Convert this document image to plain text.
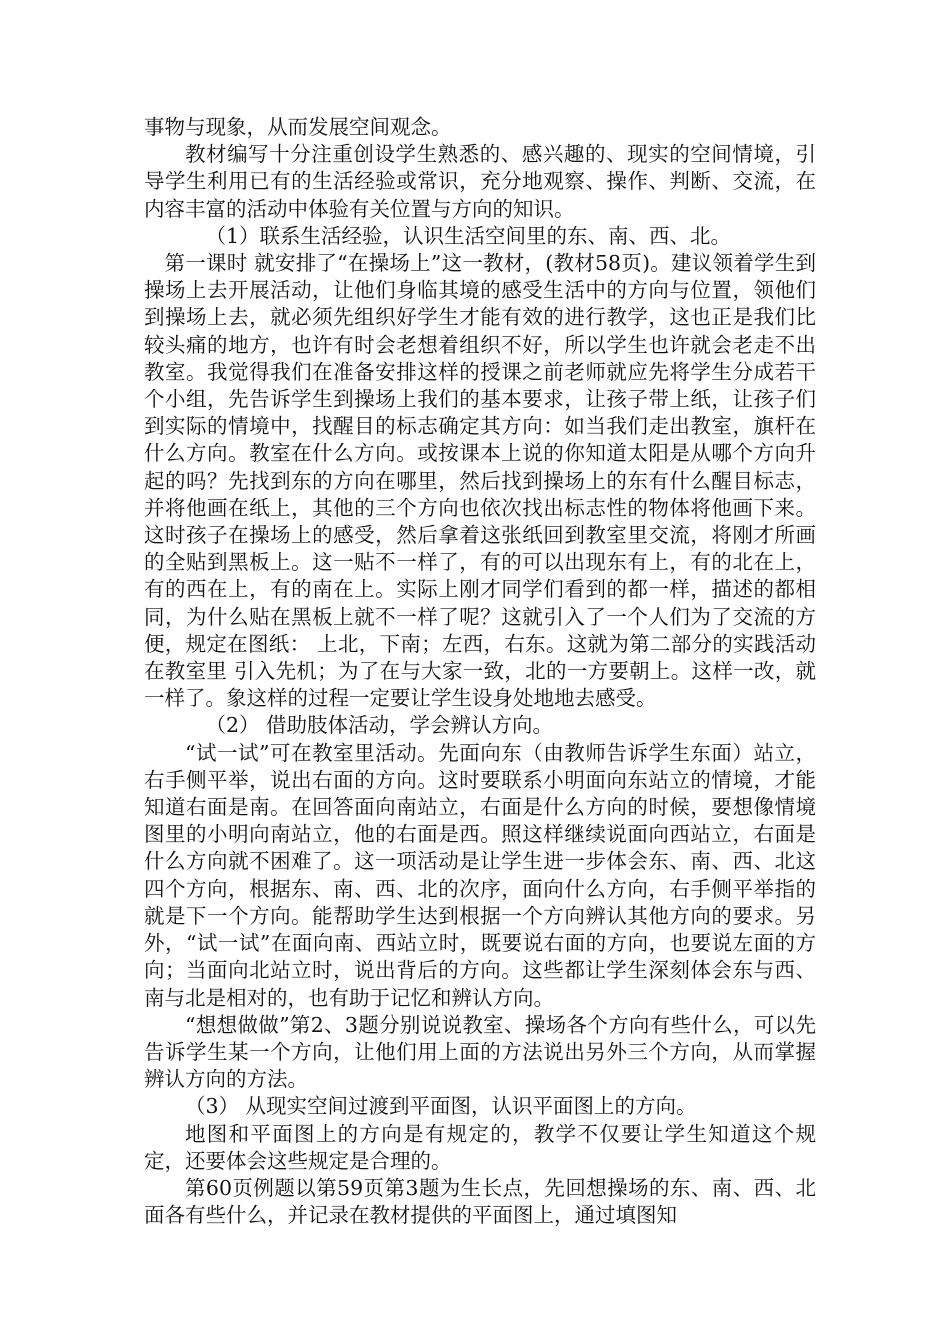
事物与现象，从而发展空间观念。

教材编写十分注重创设学生熟悉的、感兴趣的、现实的空间情境，引导学生利用已有的生活经验或常识，充分地观察、操作、判断、交流，在内容丰富的活动中体验有关位置与方向的知识。

（1）联系生活经验，认识生活空间里的东、南、西、北。

第一课时 就安排了“在操场上”这一教材，(教材58页)。建议领着学生到操场上去开展活动，让他们身临其境的感受生活中的方向与位置，领他们到操场上去，就必须先组织好学生才能有效的进行教学，这也正是我们比较头痛的地方，也许有时会老想着组织不好，所以学生也许就会老走不出教室。我觉得我们在准备安排这样的授课之前老师就应先将学生分成若干个小组，先告诉学生到操场上我们的基本要求，让孩子带上纸，让孩子们到实际的情境中，找醒目的标志确定其方向：如当我们走出教室，旗杆在什么方向。教室在什么方向。或按课本上说的你知道太阳是从哪个方向升起的吗？先找到东的方向在哪里，然后找到操场上的东有什么醒目标志，并将他画在纸上，其他的三个方向也依次找出标志性的物体将他画下来。这时孩子在操场上的感受，然后拿着这张纸回到教室里交流，将刚才所画的全贴到黑板上。这一贴不一样了，有的可以出现东有上，有的北在上，有的西在上，有的南在上。实际上刚才同学们看到的都一样，描述的都相同，为什么贴在黑板上就不一样了呢？这就引入了一个人们为了交流的方便，规定在图纸： 上北，下南；左西，右东。这就为第二部分的实践活动在教室里 引入先机；为了在与大家一致，北的一方要朝上。这样一改，就一样了。象这样的过程一定要让学生设身处地地去感受。

（2） 借助肢体活动，学会辨认方向。

“试一试”可在教室里活动。先面向东（由教师告诉学生东面）站立，右手侧平举，说出右面的方向。这时要联系小明面向东站立的情境，才能知道右面是南。在回答面向南站立，右面是什么方向的时候，要想像情境图里的小明向南站立，他的右面是西。照这样继续说面向西站立，右面是什么方向就不困难了。这一项活动是让学生进一步体会东、南、西、北这四个方向，根据东、南、西、北的次序，面向什么方向，右手侧平举指的就是下一个方向。能帮助学生达到根据一个方向辨认其他方向的要求。另外，“试一试”在面向南、西站立时，既要说右面的方向，也要说左面的方向；当面向北站立时，说出背后的方向。这些都让学生深刻体会东与西、南与北是相对的，也有助于记忆和辨认方向。

“想想做做”第2、3题分别说说教室、操场各个方向有些什么，可以先告诉学生某一个方向，让他们用上面的方法说出另外三个方向，从而掌握辨认方向的方法。

（3） 从现实空间过渡到平面图，认识平面图上的方向。

地图和平面图上的方向是有规定的，教学不仅要让学生知道这个规定，还要体会这些规定是合理的。

第60页例题以第59页第3题为生长点，先回想操场的东、南、西、北面各有些什么，并记录在教材提供的平面图上，通过填图知
